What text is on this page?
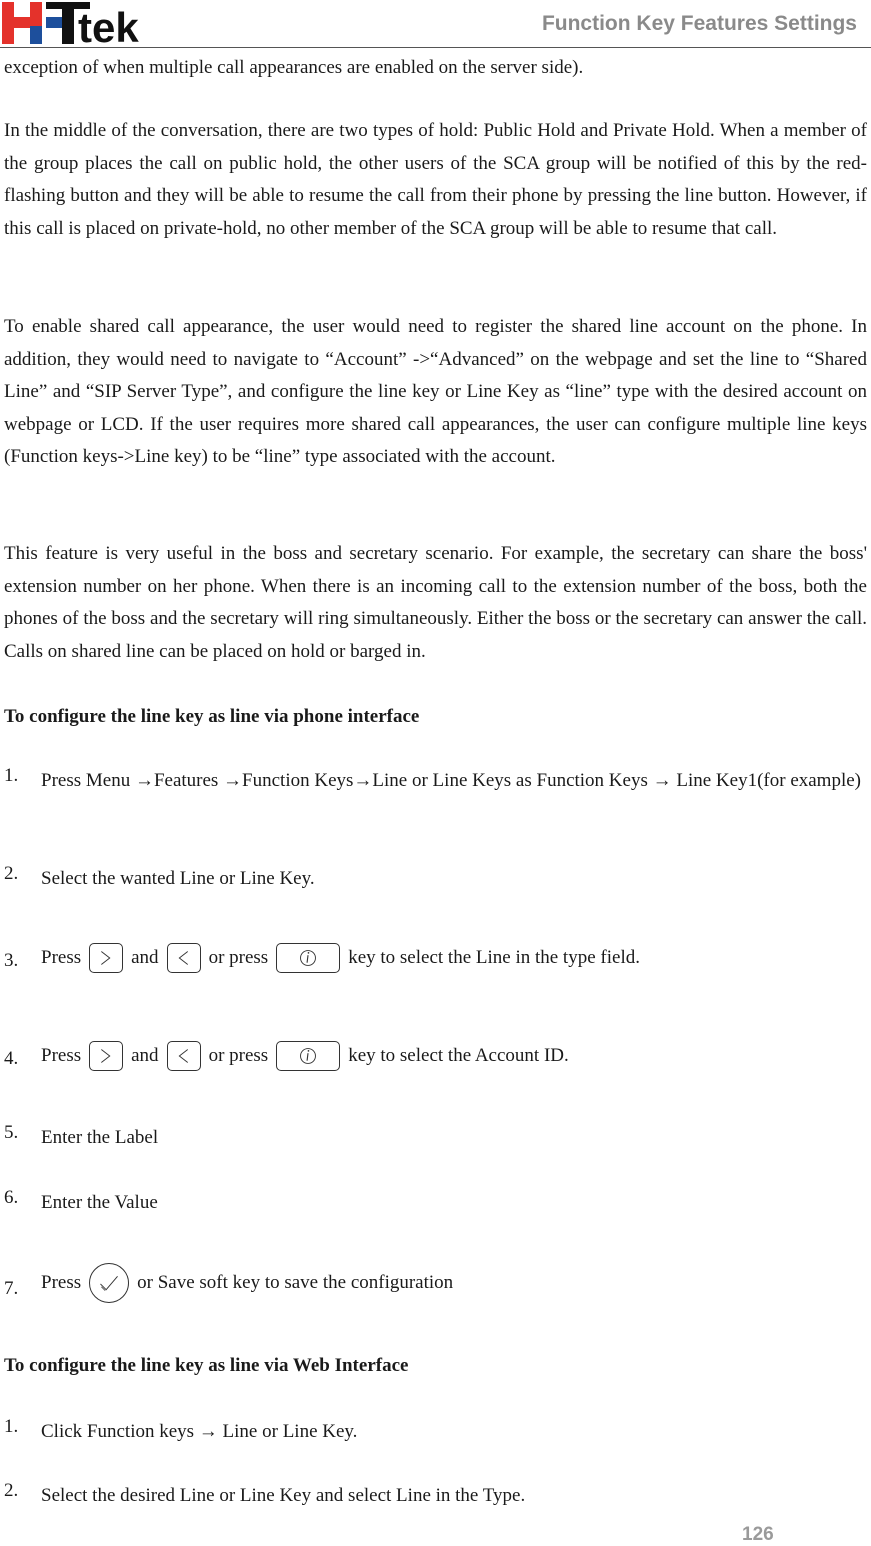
tek	Function Key Features Settings

exception of when multiple call appearances are enabled on the server side).

In the middle of the conversation, there are two types of hold: Public Hold and Private Hold. When a member of the group places the call on public hold, the other users of the SCA group will be notified of this by the red-flashing button and they will be able to resume the call from their phone by pressing the line button. However, if this call is placed on private-hold, no other member of the SCA group will be able to resume that call.

To enable shared call appearance, the user would need to register the shared line account on the phone. In addition, they would need to navigate to “Account” ->“Advanced” on the webpage and set the line to “Shared Line” and “SIP Server Type”, and configure the line key or Line Key as “line” type with the desired account on webpage or LCD. If the user requires more shared call appearances, the user can configure multiple line keys (Function keys->Line key) to be “line” type associated with the account.

This feature is very useful in the boss and secretary scenario. For example, the secretary can share the boss' extension number on her phone. When there is an incoming call to the extension number of the boss, both the phones of the boss and the secretary will ring simultaneously. Either the boss or the secretary can answer the call. Calls on shared line can be placed on hold or barged in.

To configure the line key as line via phone interface

1. Press Menu →Features →Function Keys→Line or Line Keys as Function Keys → Line Key1(for example)
2. Select the wanted Line or Line Key.
3. Press	and	or press	key to select the Line in the type field.
4. Press	and	or press	key to select the Account ID.
5. Enter the Label
6. Enter the Value
7. Press	or Save soft key to save the configuration

To configure the line key as line via Web Interface

1. Click Function keys → Line or Line Key.
2. Select the desired Line or Line Key and select Line in the Type.
126
